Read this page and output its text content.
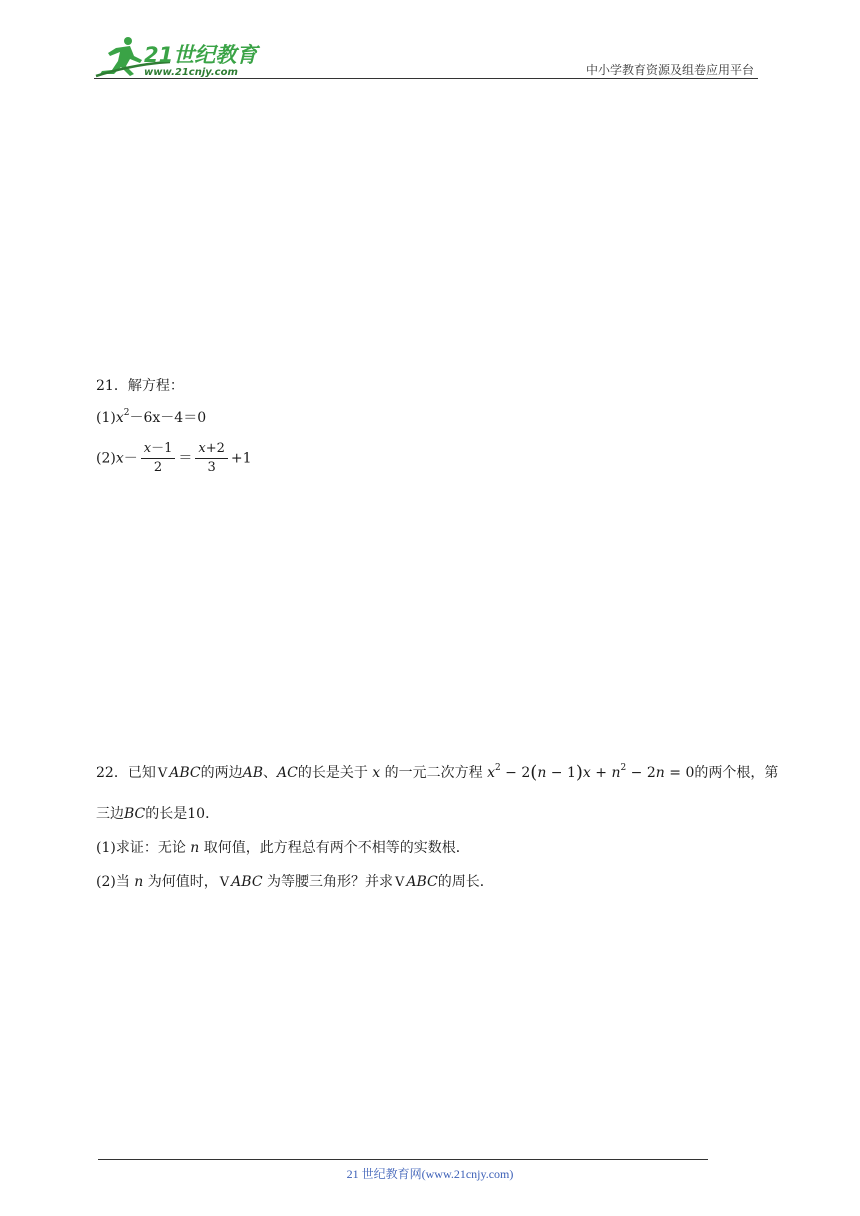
21世纪教育
www.21cnjy.com	中小学教育资源及组卷应用平台
21．解方程：
$(1)x^2-6x-4=0$
$(2)x- \frac{x-1}{2} = \frac{x+2}{3} +1$
22．已知 V ABC的两边AB、AC的长是关于 x 的一元二次方程 $x^2 - 2(n - 1)x + n^2 - 2n = 0$的两个根，第
三边BC的长是10．
(1)求证：无论 n 取何值，此方程总有两个不相等的实数根．
(2)当 n 为何值时， V ABC 为等腰三角形？并求 V ABC的周长．
21 世纪教育网(www.21cnjy.com)
